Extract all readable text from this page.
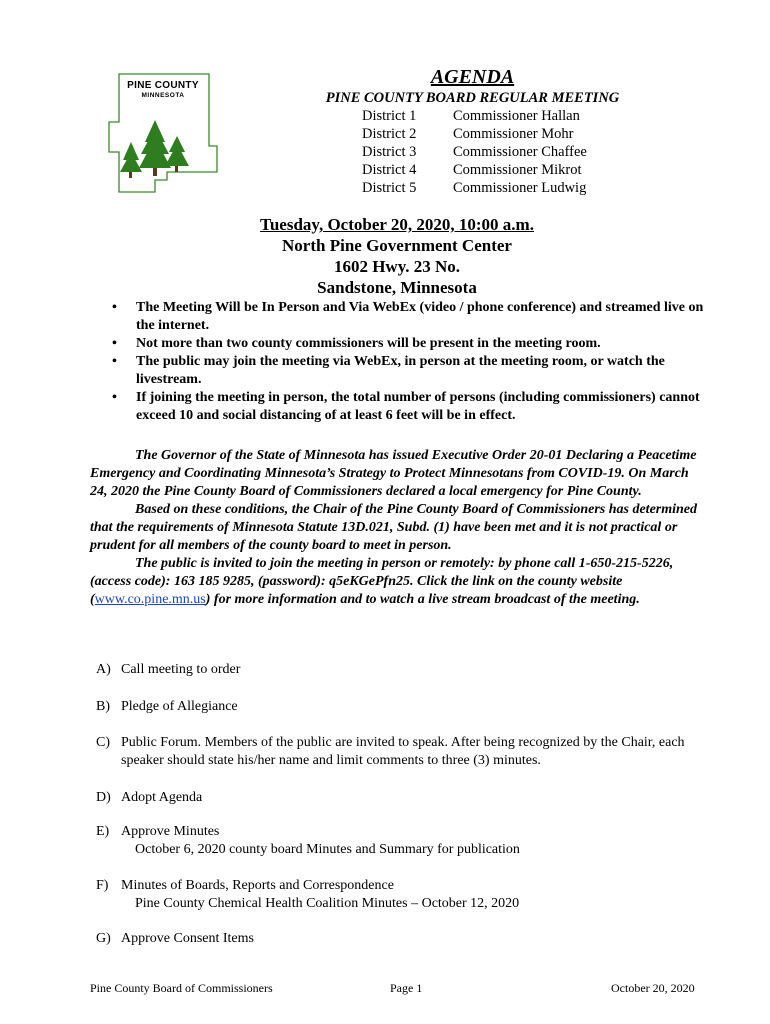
PINE COUNTY
MINNESOTA
AGENDA
PINE COUNTY BOARD REGULAR MEETING
District 1	Commissioner Hallan
District 2	Commissioner Mohr
District 3	Commissioner Chaffee
District 4	Commissioner Mikrot
District 5	Commissioner Ludwig
Tuesday, October 20, 2020, 10:00 a.m.
North Pine Government Center
1602 Hwy. 23 No.
Sandstone, Minnesota
• The Meeting Will be In Person and Via WebEx (video / phone conference) and streamed live on the internet.
• Not more than two county commissioners will be present in the meeting room.
• The public may join the meeting via WebEx, in person at the meeting room, or watch the livestream.
• If joining the meeting in person, the total number of persons (including commissioners) cannot exceed 10 and social distancing of at least 6 feet will be in effect.

The Governor of the State of Minnesota has issued Executive Order 20-01 Declaring a Peacetime Emergency and Coordinating Minnesota’s Strategy to Protect Minnesotans from COVID-19. On March 24, 2020 the Pine County Board of Commissioners declared a local emergency for Pine County.

Based on these conditions, the Chair of the Pine County Board of Commissioners has determined that the requirements of Minnesota Statute 13D.021, Subd. (1) have been met and it is not practical or prudent for all members of the county board to meet in person.

The public is invited to join the meeting in person or remotely: by phone call 1-650-215-5226, (access code): 163 185 9285, (password): q5eKGePfn25. Click the link on the county website (www.co.pine.mn.us) for more information and to watch a live stream broadcast of the meeting.

A) Call meeting to order
B) Pledge of Allegiance
C) Public Forum. Members of the public are invited to speak. After being recognized by the Chair, each speaker should state his/her name and limit comments to three (3) minutes.
D) Adopt Agenda
E) Approve Minutes
October 6, 2020 county board Minutes and Summary for publication
F) Minutes of Boards, Reports and Correspondence
Pine County Chemical Health Coalition Minutes – October 12, 2020
G) Approve Consent Items
Pine County Board of Commissioners	Page 1	October 20, 2020
